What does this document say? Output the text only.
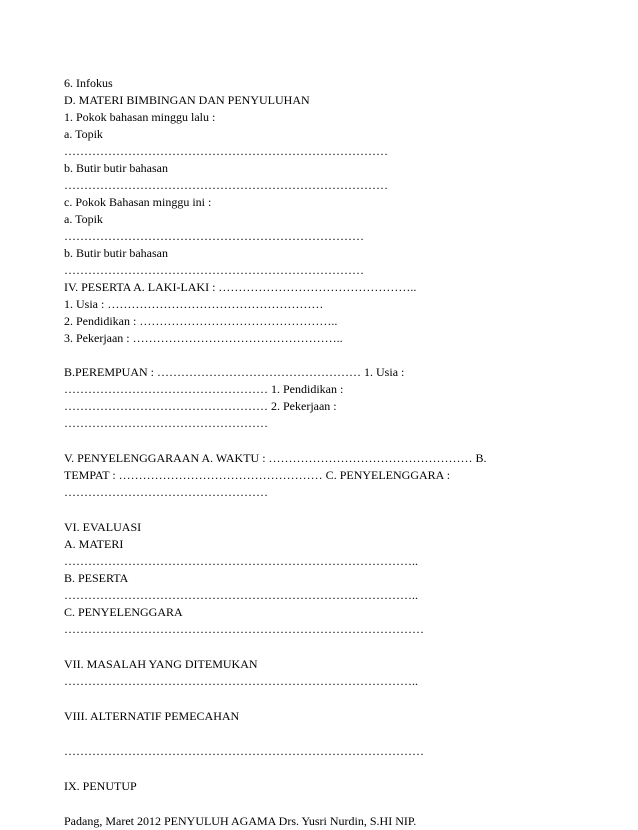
6. Infokus
D. MATERI BIMBINGAN DAN PENYULUHAN
1. Pokok bahasan minggu lalu :
a. Topik
………………………………………………………………………
b. Butir butir bahasan
………………………………………………………………………
c. Pokok Bahasan minggu ini :
a. Topik
…………………………………………………………………
b. Butir butir bahasan
…………………………………………………………………
IV. PESERTA A. LAKI-LAKI : …………………………………………..
1. Usia : ………………………………………………
2. Pendidikan : …………………………………………..
3. Pekerjaan : ……………………………………………..
B.PEREMPUAN : …………………………………………… 1. Usia :
…………………………………………… 1. Pendidikan :
…………………………………………… 2. Pekerjaan :
……………………………………………
V. PENYELENGGARAAN A. WAKTU : …………………………………………… B.
TEMPAT : …………………………………………… C. PENYELENGGARA :
……………………………………………
VI. EVALUASI
A. MATERI
……………………………………………………………………………..
B. PESERTA
……………………………………………………………………………..
C. PENYELENGGARA
………………………………………………………………………………
VII. MASALAH YANG DITEMUKAN
……………………………………………………………………………..
VIII. ALTERNATIF PEMECAHAN
………………………………………………………………………………
IX. PENUTUP
Padang, Maret 2012 PENYULUH AGAMA Drs. Yusri Nurdin, S.HI NIP.
